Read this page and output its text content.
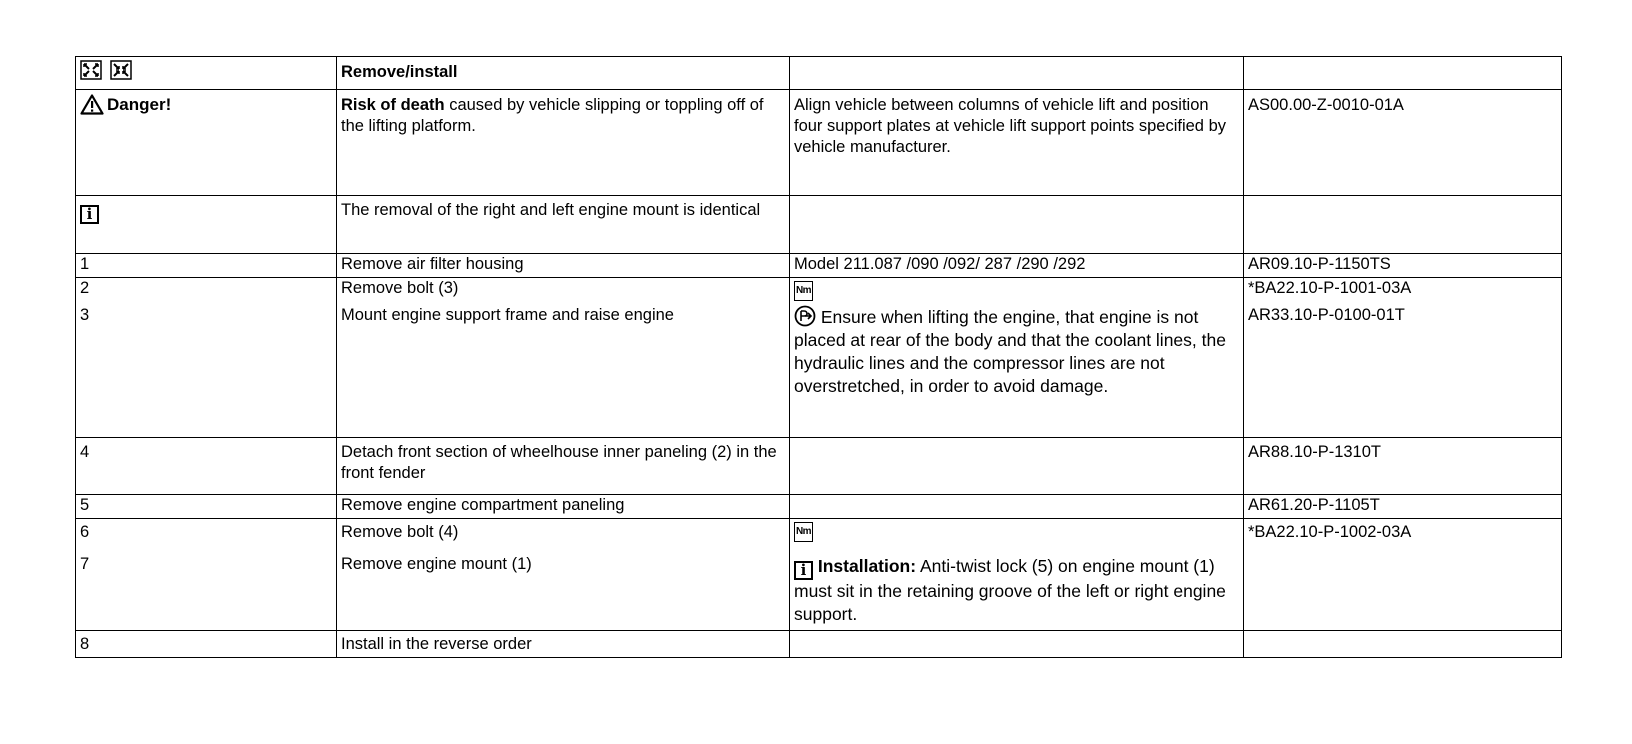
	Remove/install		

Danger!	Risk of death caused by vehicle slipping or toppling off of the lifting platform.	Align vehicle between columns of vehicle lift and position four support plates at vehicle lift support points specified by vehicle manufacturer.	AS00.00-Z-0010-01A
i	The removal of the right and left engine mount is identical		
1	Remove air filter housing	Model 211.087 /090 /092/ 287 /290 /292	AR09.10-P-1150TS
2	Remove bolt (3)	Nm	*BA22.10-P-1001-03A
3	Mount engine support frame and raise engine	Ensure when lifting the engine, that engine is not placed at rear of the body and that the coolant lines, the hydraulic lines and the compressor lines are not overstretched, in order to avoid damage.	AR33.10-P-0100-01T
4	Detach front section of wheelhouse inner paneling (2) in the front fender		AR88.10-P-1310T
5	Remove engine compartment paneling		AR61.20-P-1105T
6	Remove bolt (4)	Nm	*BA22.10-P-1002-03A
7	Remove engine mount (1)	i Installation: Anti-twist lock (5) on engine mount (1) must sit in the retaining groove of the left or right engine support.	
8	Install in the reverse order		
